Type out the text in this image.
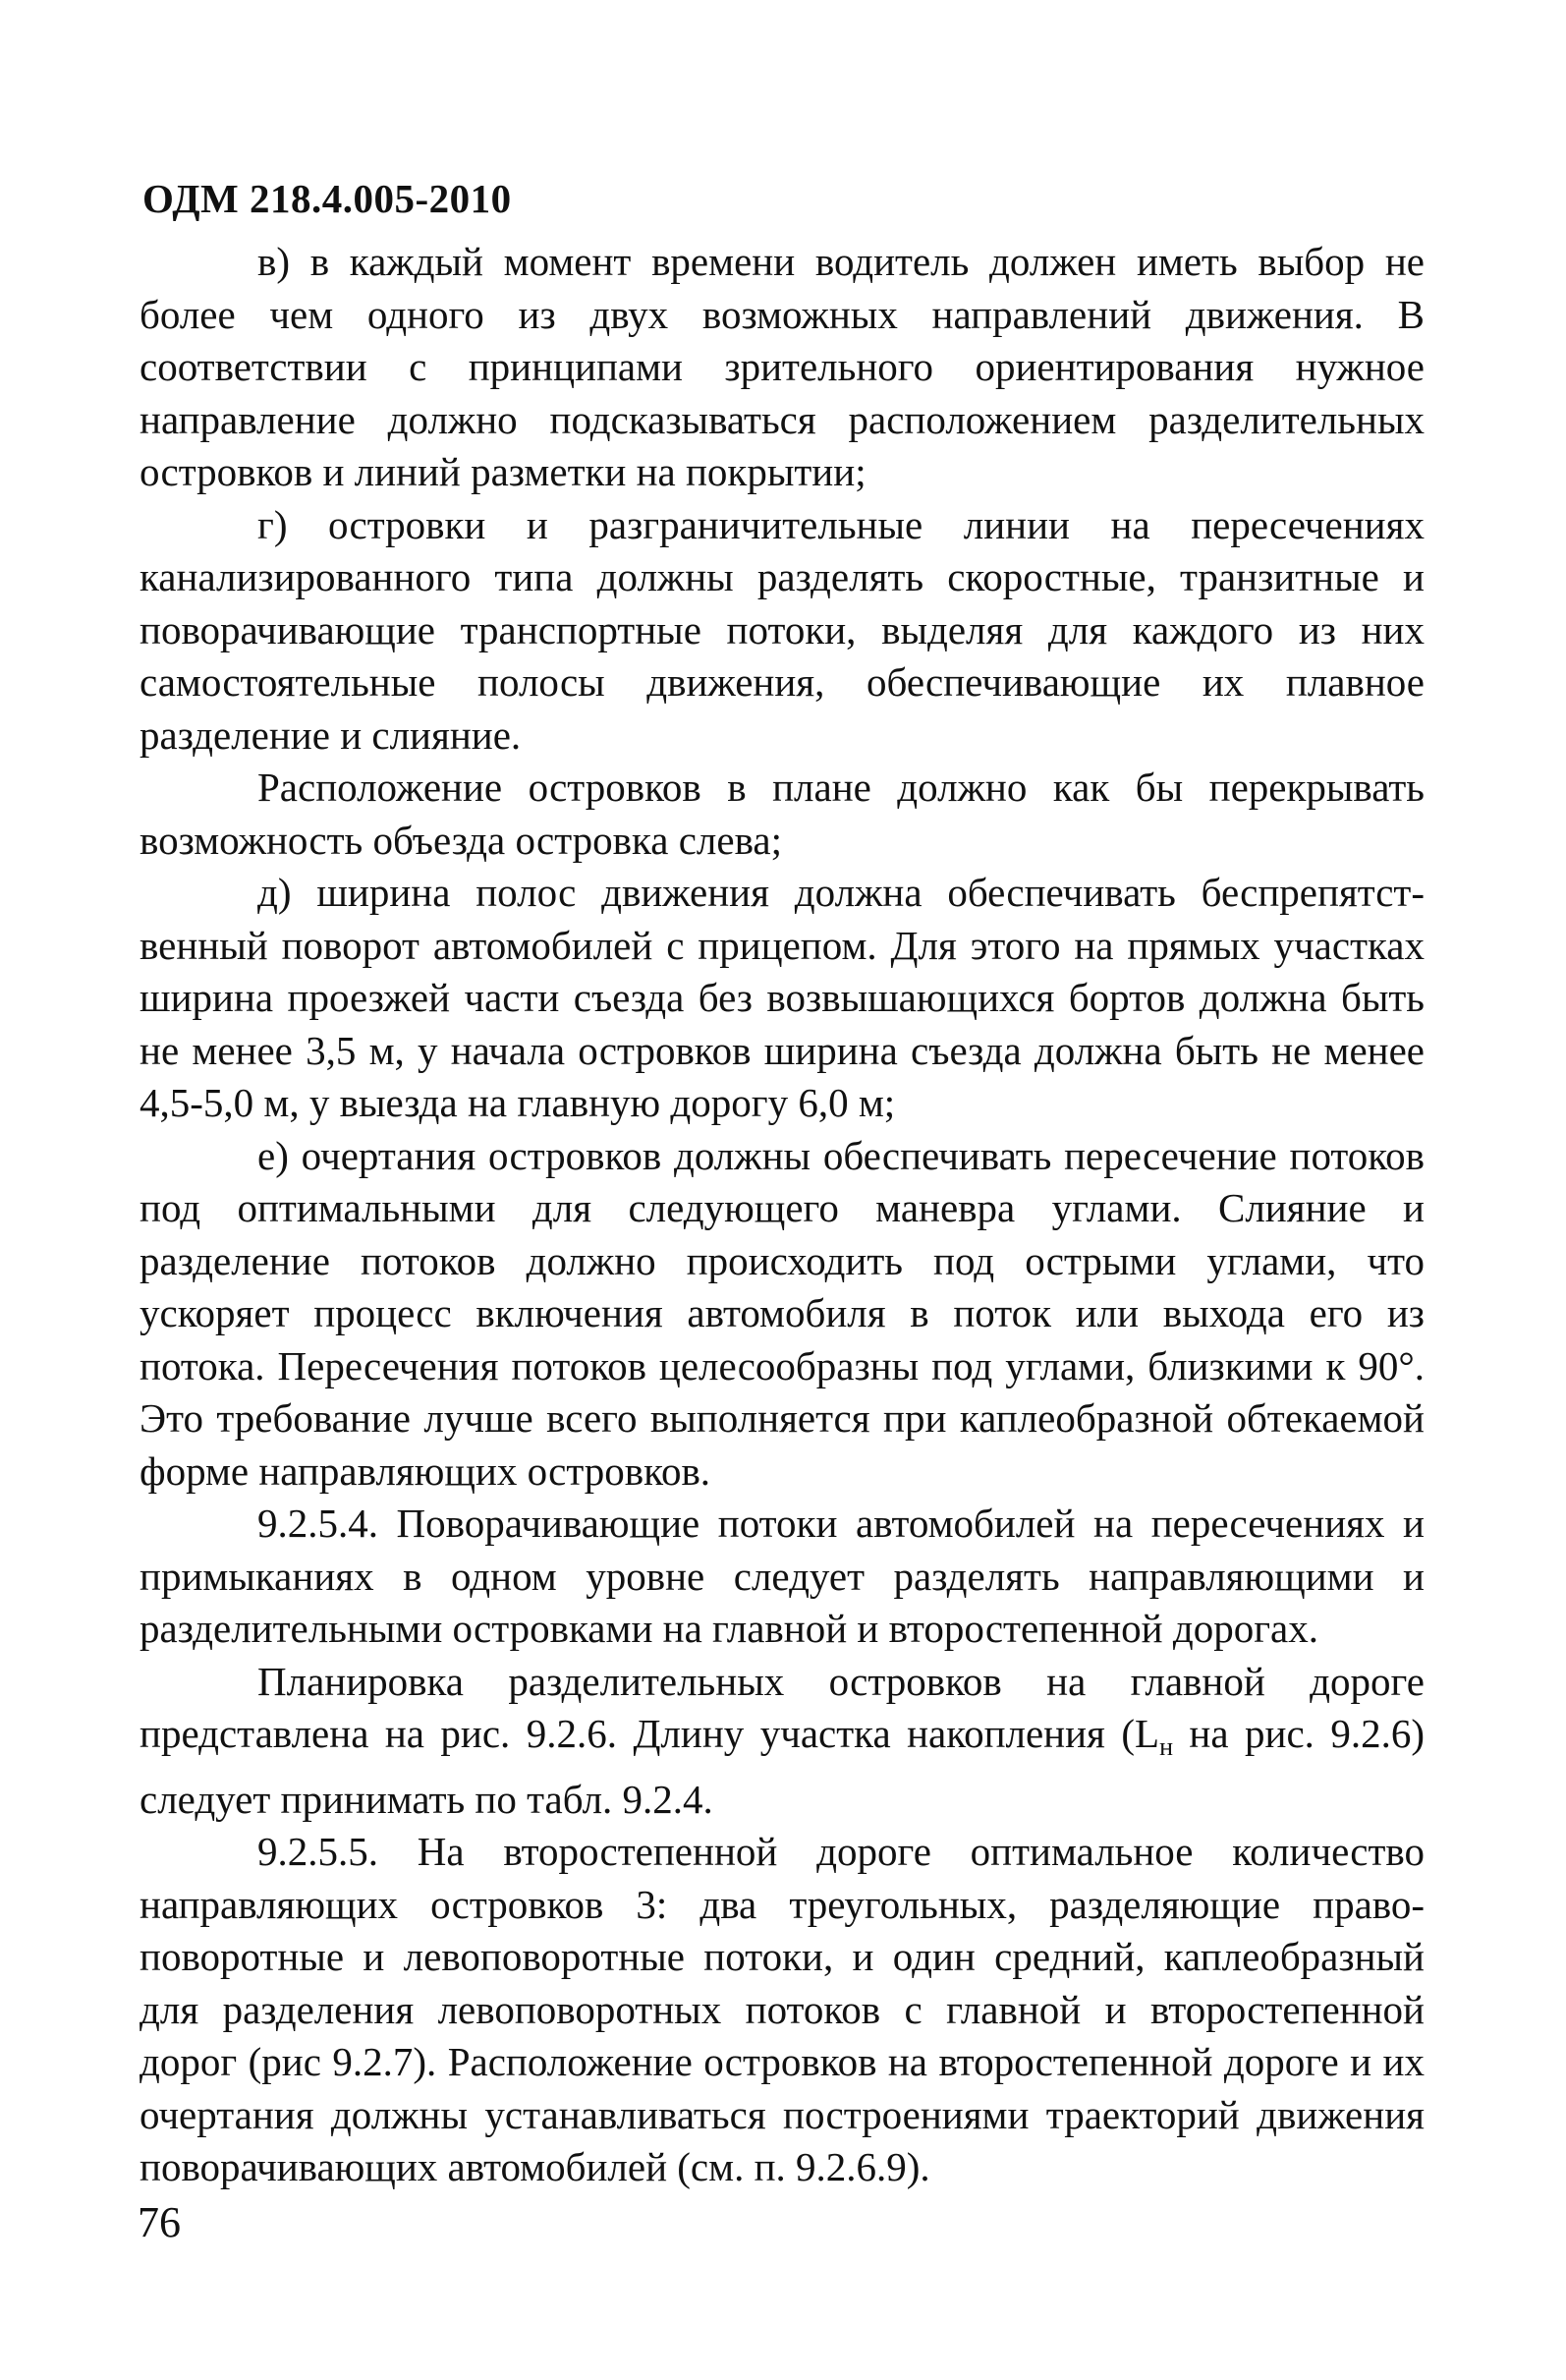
ОДМ 218.4.005-2010

в) в каждый момент времени водитель должен иметь выбор не более чем одного из двух возможных направлений движения. В соответствии с принципами зрительного ориентирования нужное направление должно подсказываться расположением разделительных островков и линий разметки на покрытии;

г) островки и разграничительные линии на пересечениях канализированного типа должны разделять скоростные, транзитные и поворачивающие транспортные потоки, выделяя для каждого из них самостоятельные полосы движения, обеспечивающие их плавное разделение и слияние.

Расположение островков в плане должно как бы перекрывать возможность объезда островка слева;

д) ширина полос движения должна обеспечивать беспрепятст-венный поворот автомобилей с прицепом. Для этого на прямых участках ширина проезжей части съезда без возвышающихся бортов должна быть не менее 3,5 м, у начала островков ширина съезда должна быть не менее 4,5-5,0 м, у выезда на главную дорогу 6,0 м;

е) очертания островков должны обеспечивать пересечение потоков под оптимальными для следующего маневра углами. Слияние и разделение потоков должно происходить под острыми углами, что ускоряет процесс включения автомобиля в поток или выхода его из потока. Пересечения потоков целесообразны под углами, близкими к 90°. Это требование лучше всего выполняется при каплеобразной обтекаемой форме направляющих островков.

9.2.5.4. Поворачивающие потоки автомобилей на пересечениях и примыканиях в одном уровне следует разделять направляющими и разделительными островками на главной и второстепенной дорогах.

Планировка разделительных островков на главной дороге представлена на рис. 9.2.6. Длину участка накопления ($L_н$ на рис. 9.2.6) следует принимать по табл. 9.2.4.

9.2.5.5. На второстепенной дороге оптимальное количество направляющих островков 3: два треугольных, разделяющие право-поворотные и левоповоротные потоки, и один средний, каплеобразный для разделения левоповоротных потоков с главной и второстепенной дорог (рис 9.2.7). Расположение островков на второстепенной дороге и их очертания должны устанавливаться построениями траекторий движения поворачивающих автомобилей (см. п. 9.2.6.9).

76
